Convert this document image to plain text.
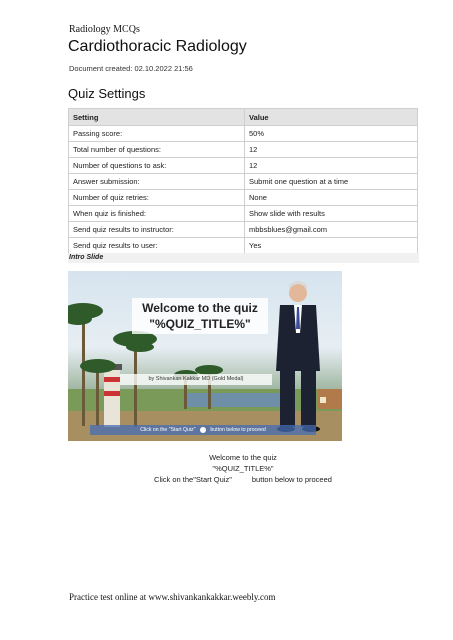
Radiology MCQs
Cardiothoracic Radiology
Document created: 02.10.2022 21:56
Quiz Settings
Setting	Value
Passing score:	50%
Total number of questions:	12
Number of questions to ask:	12
Answer submission:	Submit one question at a time
Number of quiz retries:	None
When quiz is finished:	Show slide with results
Send quiz results to instructor:	mbbsblues@gmail.com
Send quiz results to user:	Yes
Intro Slide
Welcome to the quiz
"%QUIZ_TITLE%"
by Shivankan Kakkar MD (Gold Medal)
Click on the "Start Quiz"	button below to proceed
Welcome to the quiz
"%QUIZ_TITLE%"
Click on the"Start Quiz"	button below to proceed
Practice test online at www.shivankankakkar.weebly.com
